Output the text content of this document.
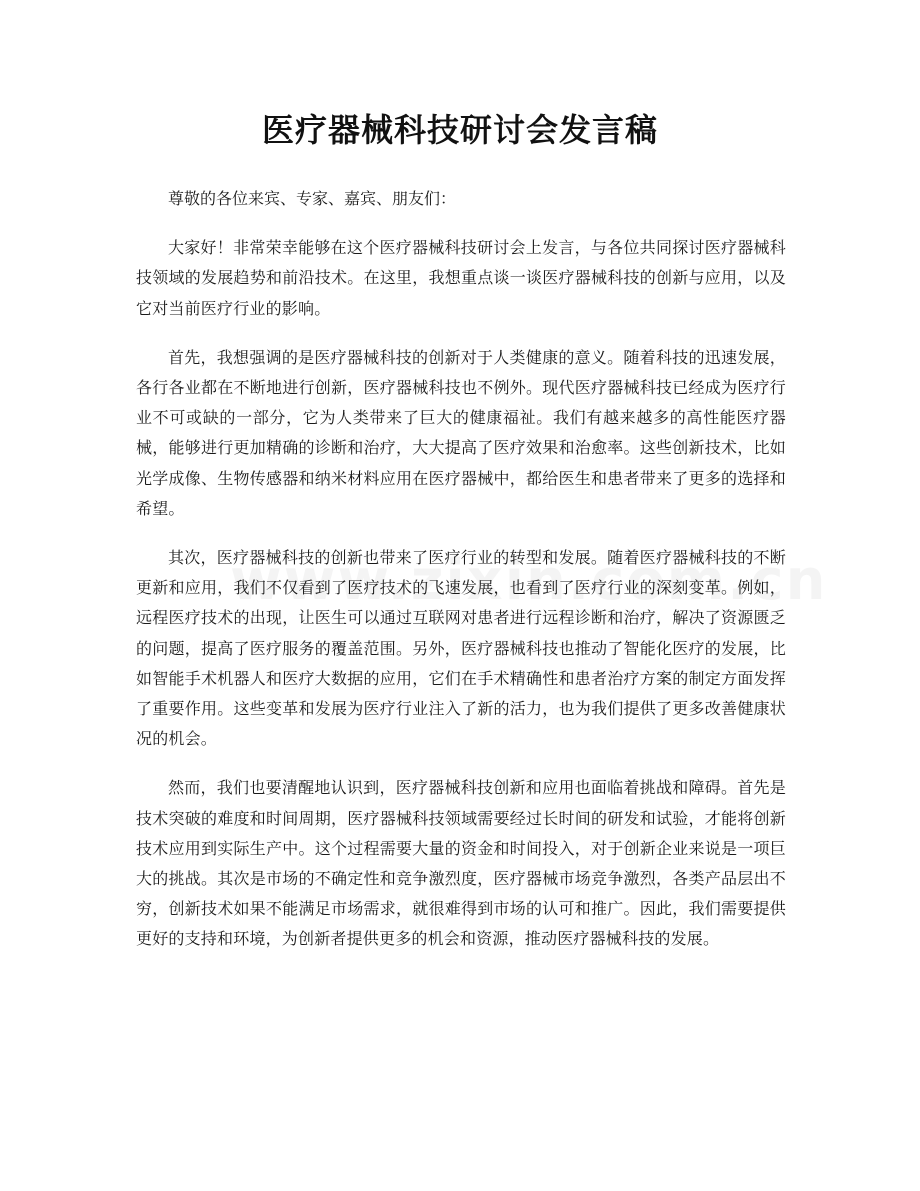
医疗器械科技研讨会发言稿

尊敬的各位来宾、专家、嘉宾、朋友们：

大家好！非常荣幸能够在这个医疗器械科技研讨会上发言，与各位共同探讨医疗器械科技领域的发展趋势和前沿技术。在这里，我想重点谈一谈医疗器械科技的创新与应用，以及它对当前医疗行业的影响。

首先，我想强调的是医疗器械科技的创新对于人类健康的意义。随着科技的迅速发展，各行各业都在不断地进行创新，医疗器械科技也不例外。现代医疗器械科技已经成为医疗行业不可或缺的一部分，它为人类带来了巨大的健康福祉。我们有越来越多的高性能医疗器械，能够进行更加精确的诊断和治疗，大大提高了医疗效果和治愈率。这些创新技术，比如光学成像、生物传感器和纳米材料应用在医疗器械中，都给医生和患者带来了更多的选择和希望。

其次，医疗器械科技的创新也带来了医疗行业的转型和发展。随着医疗器械科技的不断更新和应用，我们不仅看到了医疗技术的飞速发展，也看到了医疗行业的深刻变革。例如，远程医疗技术的出现，让医生可以通过互联网对患者进行远程诊断和治疗，解决了资源匮乏的问题，提高了医疗服务的覆盖范围。另外，医疗器械科技也推动了智能化医疗的发展，比如智能手术机器人和医疗大数据的应用，它们在手术精确性和患者治疗方案的制定方面发挥了重要作用。这些变革和发展为医疗行业注入了新的活力，也为我们提供了更多改善健康状况的机会。

然而，我们也要清醒地认识到，医疗器械科技创新和应用也面临着挑战和障碍。首先是技术突破的难度和时间周期，医疗器械科技领域需要经过长时间的研发和试验，才能将创新技术应用到实际生产中。这个过程需要大量的资金和时间投入，对于创新企业来说是一项巨大的挑战。其次是市场的不确定性和竞争激烈度，医疗器械市场竞争激烈，各类产品层出不穷，创新技术如果不能满足市场需求，就很难得到市场的认可和推广。因此，我们需要提供更好的支持和环境，为创新者提供更多的机会和资源，推动医疗器械科技的发展。
